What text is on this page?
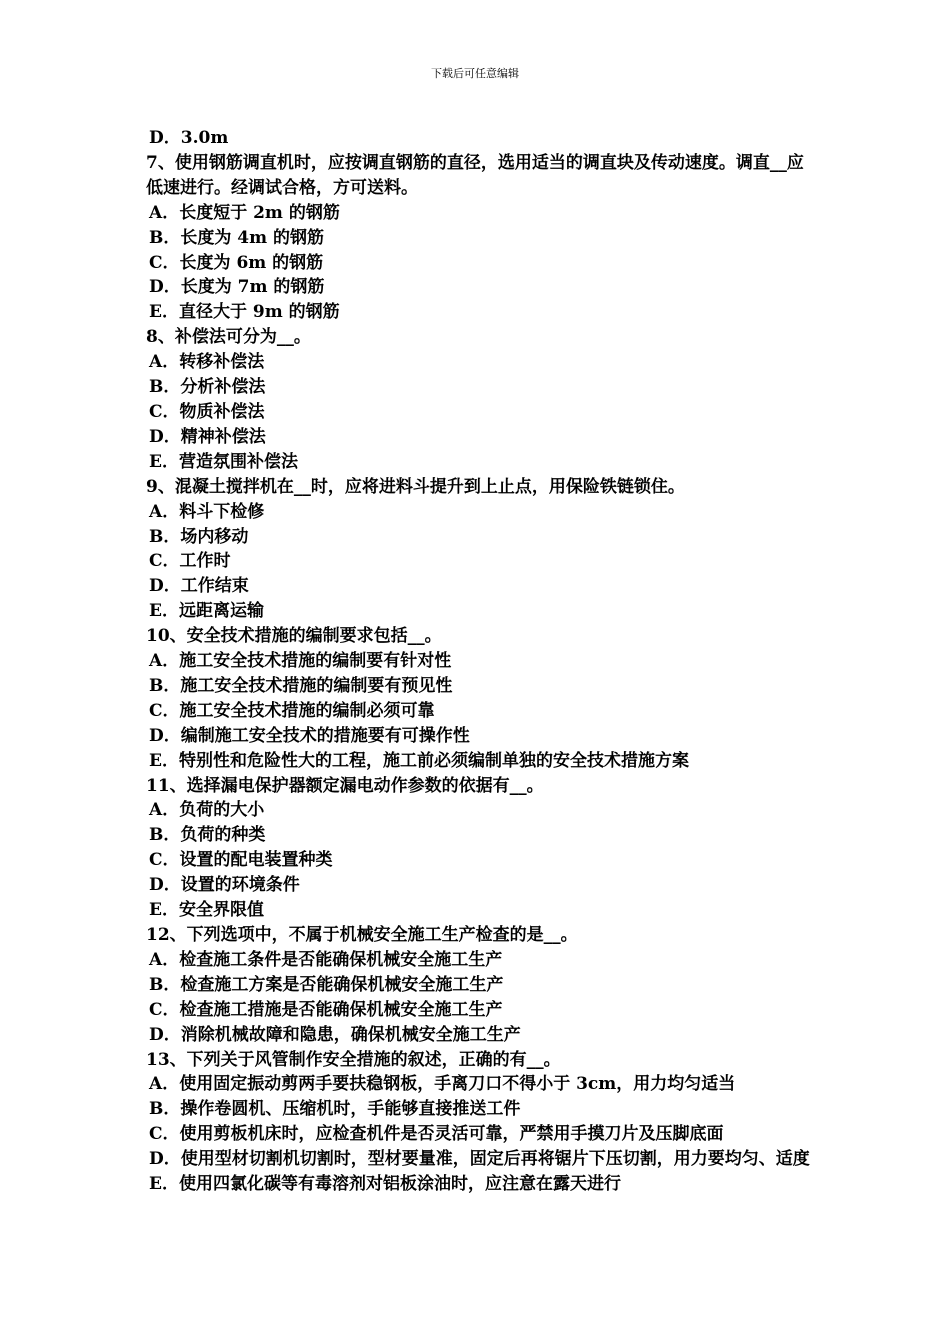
下载后可任意编辑
D．3.0m
7、使用钢筋调直机时，应按调直钢筋的直径，选用适当的调直块及传动速度。调直__应低速进行。经调试合格，方可送料。
A．长度短于 2m 的钢筋
B．长度为 4m 的钢筋
C．长度为 6m 的钢筋
D．长度为 7m 的钢筋
E．直径大于 9m 的钢筋
8、补偿法可分为__。
A．转移补偿法
B．分析补偿法
C．物质补偿法
D．精神补偿法
E．营造氛围补偿法
9、混凝土搅拌机在__时，应将进料斗提升到上止点，用保险铁链锁住。
A．料斗下检修
B．场内移动
C．工作时
D．工作结束
E．远距离运输
10、安全技术措施的编制要求包括__。
A．施工安全技术措施的编制要有针对性
B．施工安全技术措施的编制要有预见性
C．施工安全技术措施的编制必须可靠
D．编制施工安全技术的措施要有可操作性
E．特别性和危险性大的工程，施工前必须编制单独的安全技术措施方案
11、选择漏电保护器额定漏电动作参数的依据有__。
A．负荷的大小
B．负荷的种类
C．设置的配电装置种类
D．设置的环境条件
E．安全界限值
12、下列选项中，不属于机械安全施工生产检查的是__。
A．检查施工条件是否能确保机械安全施工生产
B．检查施工方案是否能确保机械安全施工生产
C．检查施工措施是否能确保机械安全施工生产
D．消除机械故障和隐患，确保机械安全施工生产
13、下列关于风管制作安全措施的叙述，正确的有__。
A．使用固定振动剪两手要扶稳钢板，手离刀口不得小于 3cm，用力均匀适当
B．操作卷圆机、压缩机时，手能够直接推送工件
C．使用剪板机床时，应检查机件是否灵活可靠，严禁用手摸刀片及压脚底面
D．使用型材切割机切割时，型材要量准，固定后再将锯片下压切割，用力要均匀、适度
E．使用四氯化碳等有毒溶剂对铝板涂油时，应注意在露天进行
